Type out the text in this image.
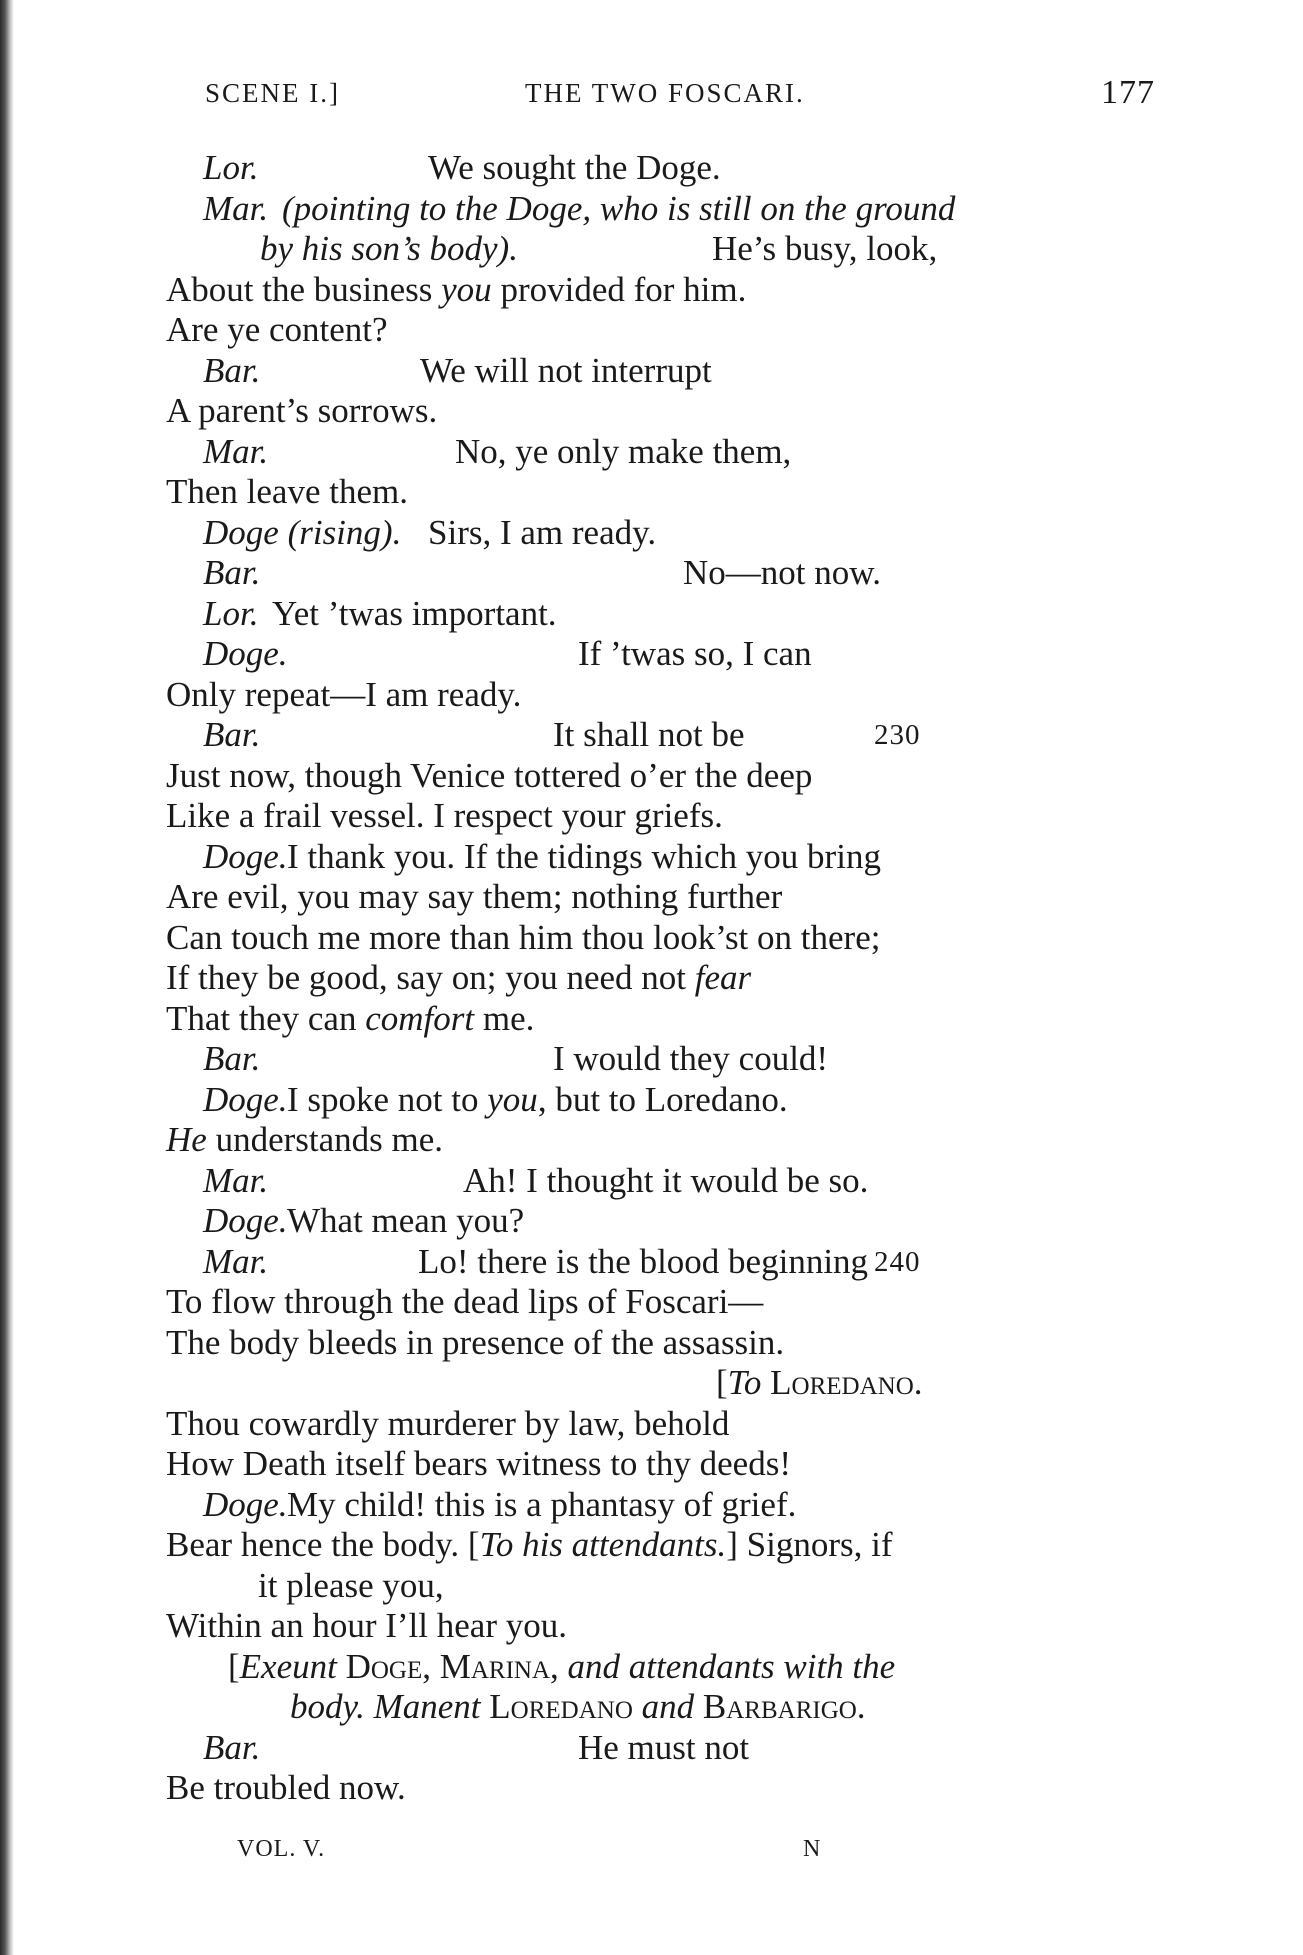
SCENE I.]	THE TWO FOSCARI.	177
Lor.	We sought the Doge.
Mar. (pointing to the Doge, who is still on the ground
by his son’s body).	He’s busy, look,
About the business you provided for him.
Are ye content?
Bar.	We will not interrupt
A parent’s sorrows.
Mar.	No, ye only make them,
Then leave them.
Doge (rising). Sirs, I am ready.
Bar.	No—not now.
Lor. Yet ’twas important.
Doge.	If ’twas so, I can
Only repeat—I am ready.
Bar.	It shall not be	230
Just now, though Venice tottered o’er the deep
Like a frail vessel. I respect your griefs.
Doge. I thank you. If the tidings which you bring
Are evil, you may say them; nothing further
Can touch me more than him thou look’st on there;
If they be good, say on; you need not fear
That they can comfort me.
Bar.	I would they could!
Doge. I spoke not to you, but to Loredano.
He understands me.
Mar.	Ah! I thought it would be so.
Doge. What mean you?
Mar.	Lo! there is the blood beginning 240
To flow through the dead lips of Foscari—
The body bleeds in presence of the assassin.
[To Loredano.
Thou cowardly murderer by law, behold
How Death itself bears witness to thy deeds!
Doge. My child! this is a phantasy of grief.
Bear hence the body. [To his attendants.] Signors, if
it please you,
Within an hour I’ll hear you.
[Exeunt Doge, Marina, and attendants with the
body. Manent Loredano and Barbarigo.
Bar.	He must not
Be troubled now.
VOL. V.	N
